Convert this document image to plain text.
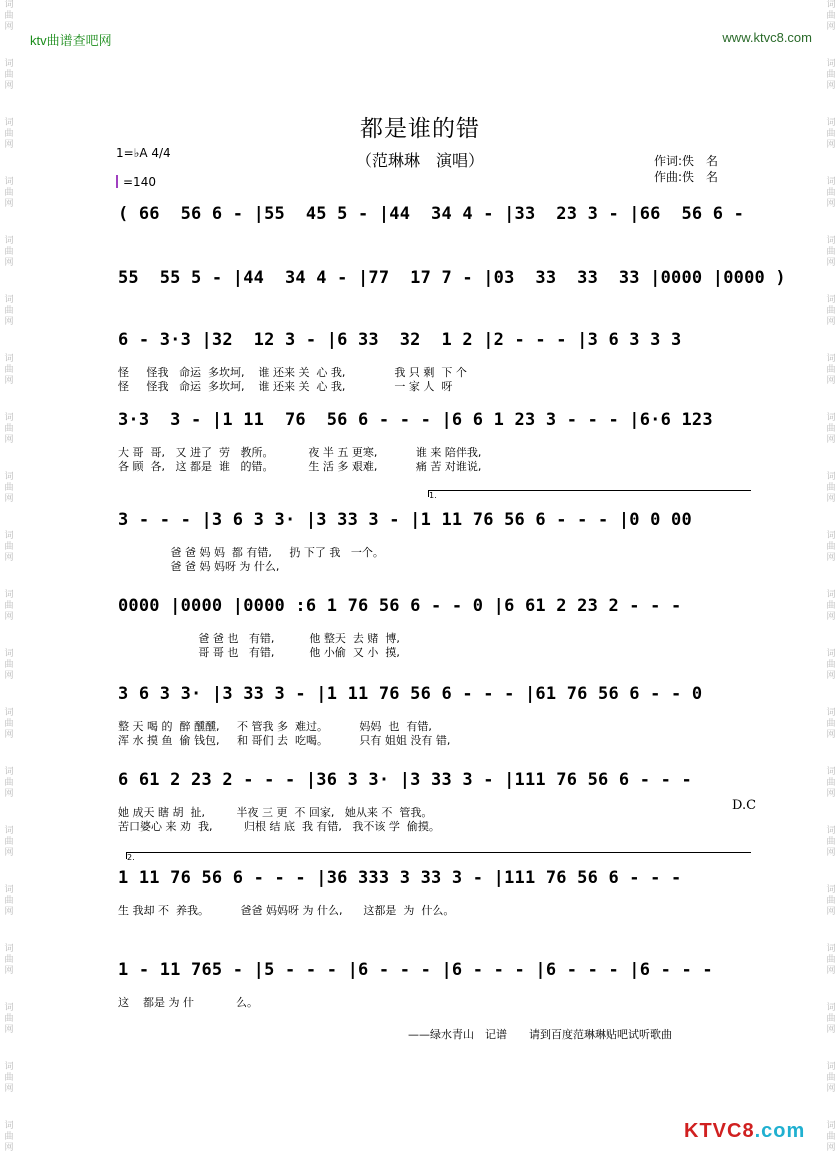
词
曲
网
词
曲
网
词
曲
网
词
曲
网
词
曲
网
词
曲
网
词
曲
网
词
曲
网
词
曲
网
词
曲
网
词
曲
网
词
曲
网
词
曲
网
词
曲
网
词
曲
网
词
曲
网
词
曲
网
词
曲
网
词
曲
网
词
曲
网
词
曲
网
词
曲
网
词
曲
网
词
曲
网
词
曲
网
词
曲
网
词
曲
网
词
曲
网
词
曲
网
词
曲
网
词
曲
网
词
曲
网
词
曲
网
词
曲
网
词
曲
网
词
曲
网
词
曲
网
词
曲
网
词
曲
网
词
曲
网
ktv曲谱查吧网	www.ktvc8.com
都是谁的错
（范琳琳　演唱）
1=♭A 4/4
=140
作词:佚　名
作曲:佚　名
( 66  56 6 - |55  45 5 - |44  34 4 - |33  23 3 - |66  56 6 -
55  55 5 - |44  34 4 - |77  17 7 - |03  33  33  33 |0000 |0000 )
6 - 3·3 |32  12 3 - |6 33  32  1 2 |2 - - - |3 6 3 3 3
怪     怪我   命运  多坎坷,    谁 还来 关  心 我,              我 只 剩  下 个
怪     怪我   命运  多坎坷,    谁 还来 关  心 我,              一 家 人  呀
3·3  3 - |1 11  76  56 6 - - - |6 6 1 23 3 - - - |6·6 123
大 哥  哥,   又 进了  劳   教所。          夜 半 五 更寒,           谁 来 陪伴我,
各 顾  各,   这 都是  谁   的错。          生 活 多 艰难,           痛 苦 对谁说,
3 - - - |3 6 3 3· |3 33 3 - |1 11 76 56 6 - - - |0 0 00
爸 爸 妈 妈  都 有错,     扔 下了 我   一个。
爸 爸 妈 妈呀 为 什么,
0000 |0000 |0000 :6 1 76 56 6 - - 0 |6 61 2 23 2 - - -
爸 爸 也   有错,          他 整天  去 赌  博,
哥 哥 也   有错,          他 小偷  又 小  摸,
3 6 3 3· |3 33 3 - |1 11 76 56 6 - - - |61 76 56 6 - - 0
整 天 喝 的  醉 醺醺,     不 管我 多  难过。         妈妈  也  有错,
浑 水 摸 鱼  偷 钱包,     和 哥们 去  吃喝。         只有 姐姐 没有 错,
6 61 2 23 2 - - - |36 3 3· |3 33 3 - |111 76 56 6 - - -
她 成天 瞎 胡  扯,         半夜 三 更  不 回家,   她从来 不  管我。
苦口婆心 来 劝  我,         归根 结 底  我 有错,   我不该 学  偷摸。
1 11 76 56 6 - - - |36 333 3 33 3 - |111 76 56 6 - - -
生 我却 不  养我。         爸爸 妈妈呀 为 什么,      这都是  为  什么。
1 - 11 765 - |5 - - - |6 - - - |6 - - - |6 - - - |6 - - -
这    都是 为 什            么。
1.
2.
D.C
——绿水青山　记谱　　请到百度范琳琳贴吧试听歌曲
KTVC8.com
